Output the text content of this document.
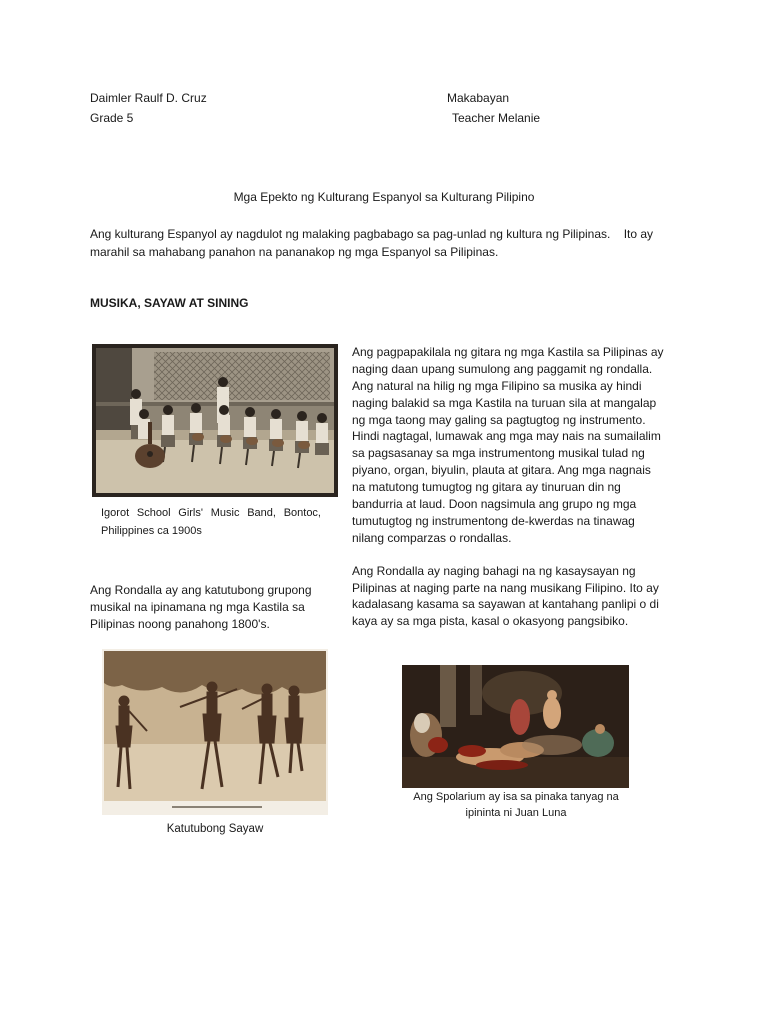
Daimler Raulf D. Cruz
Grade 5
Makabayan
Teacher Melanie
Mga Epekto ng Kulturang Espanyol sa Kulturang Pilipino
Ang kulturang Espanyol ay nagdulot ng malaking pagbabago sa pag-unlad ng kultura ng Pilipinas.    Ito ay
marahil sa mahabang panahon na pananakop ng mga Espanyol sa Pilipinas.
MUSIKA, SAYAW AT SINING
Igorot School Girls' Music Band, Bontoc,
Philippines ca 1900s
Ang pagpapakilala ng gitara ng mga Kastila sa Pilipinas ay
naging daan upang sumulong ang paggamit ng rondalla.
Ang natural na hilig ng mga Filipino sa musika ay hindi
naging balakid sa mga Kastila na turuan sila at mangalap
ng mga taong may galing sa pagtugtog ng instrumento.
Hindi nagtagal, lumawak ang mga may nais na sumailalim
sa pagsasanay sa mga instrumentong musikal tulad ng
piyano, organ, biyulin, plauta at gitara. Ang mga nagnais
na matutong tumugtog ng gitara ay tinuruan din ng
bandurria at laud. Doon nagsimula ang grupo ng mga
tumutugtog ng instrumentong de-kwerdas na tinawag
nilang comparzas o rondallas.
Ang Rondalla ay naging bahagi na ng kasaysayan ng
Pilipinas at naging parte na nang musikang Filipino. Ito ay
kadalasang kasama sa sayawan at kantahang panlipi o di
kaya ay sa mga pista, kasal o okasyong pangsibiko.
Ang Rondalla ay ang katutubong grupong
musikal na ipinamana ng mga Kastila sa
Pilipinas noong panahong 1800's.
Katutubong Sayaw
Ang Spolarium ay isa sa pinaka tanyag na
ipininta ni Juan Luna
